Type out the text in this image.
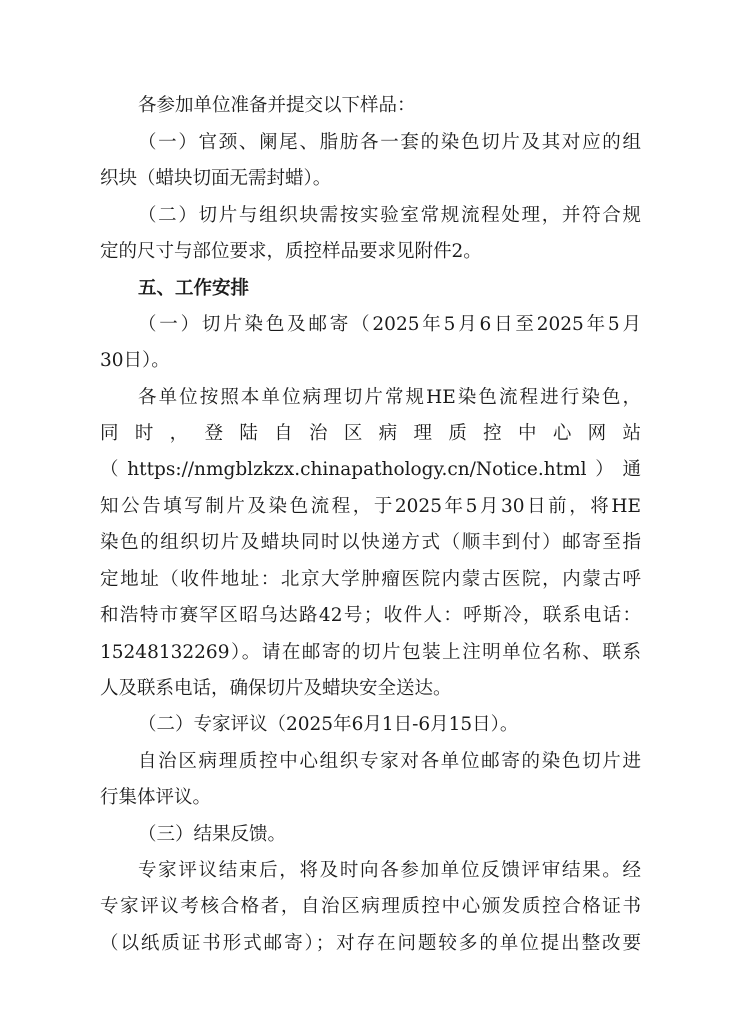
各参加单位准备并提交以下样品：
（一）官颈、阑尾、脂肪各一套的染色切片及其对应的组
织块（蜡块切面无需封蜡）。
（二）切片与组织块需按实验室常规流程处理，并符合规
定的尺寸与部位要求，质控样品要求见附件2。
五、工作安排
（一）切片染色及邮寄（2025年5月6日至2025年5月
30日）。
各单位按照本单位病理切片常规HE染色流程进行染色，
同时，登陆自治区病理质控中心网站
（https://nmgblzkzx.chinapathology.cn/Notice.html）通
知公告填写制片及染色流程，于2025年5月30日前，将HE
染色的组织切片及蜡块同时以快递方式（顺丰到付）邮寄至指
定地址（收件地址：北京大学肿瘤医院内蒙古医院，内蒙古呼
和浩特市赛罕区昭乌达路42号；收件人：呼斯冷，联系电话：
15248132269）。请在邮寄的切片包装上注明单位名称、联系
人及联系电话，确保切片及蜡块安全送达。
（二）专家评议（2025年6月1日-6月15日）。
自治区病理质控中心组织专家对各单位邮寄的染色切片进
行集体评议。
（三）结果反馈。
专家评议结束后，将及时向各参加单位反馈评审结果。经
专家评议考核合格者，自治区病理质控中心颁发质控合格证书
（以纸质证书形式邮寄）；对存在问题较多的单位提出整改要
